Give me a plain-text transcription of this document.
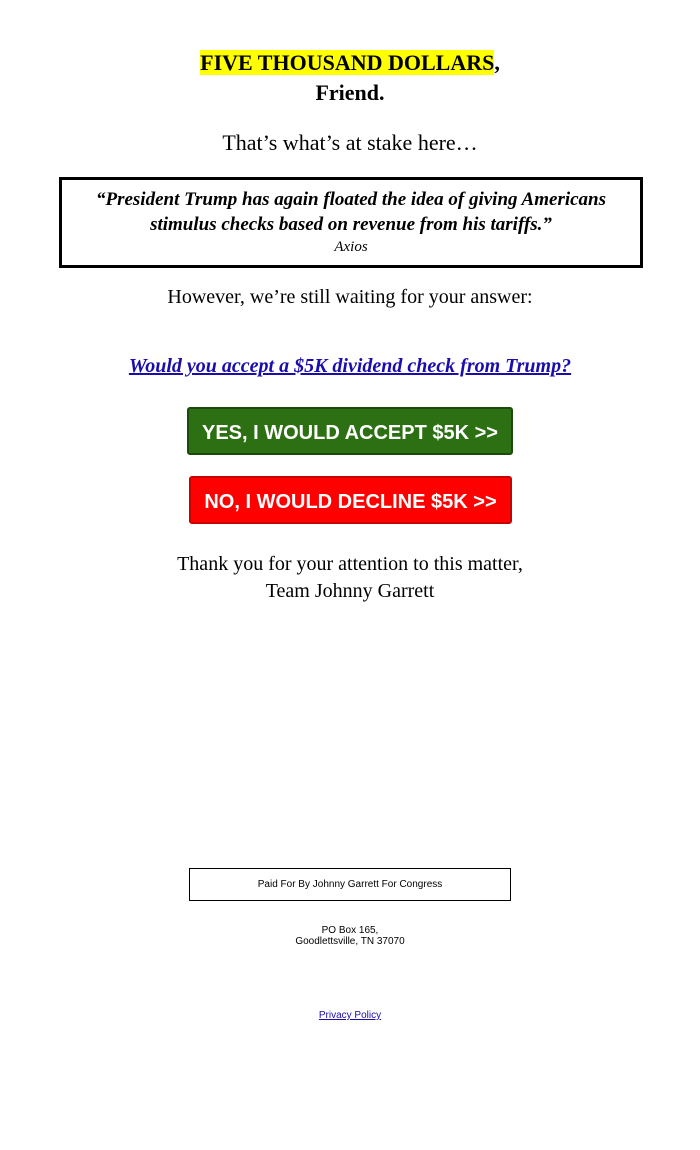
FIVE THOUSAND DOLLARS,
Friend.
That’s what’s at stake here…
“President Trump has again floated the idea of giving Americans stimulus checks based on revenue from his tariffs.”
Axios
However, we’re still waiting for your answer:
Would you accept a $5K dividend check from Trump?
YES, I WOULD ACCEPT $5K >>
NO, I WOULD DECLINE $5K >>
Thank you for your attention to this matter,
Team Johnny Garrett
Paid For By Johnny Garrett For Congress
PO Box 165,
Goodlettsville, TN 37070
Privacy Policy
